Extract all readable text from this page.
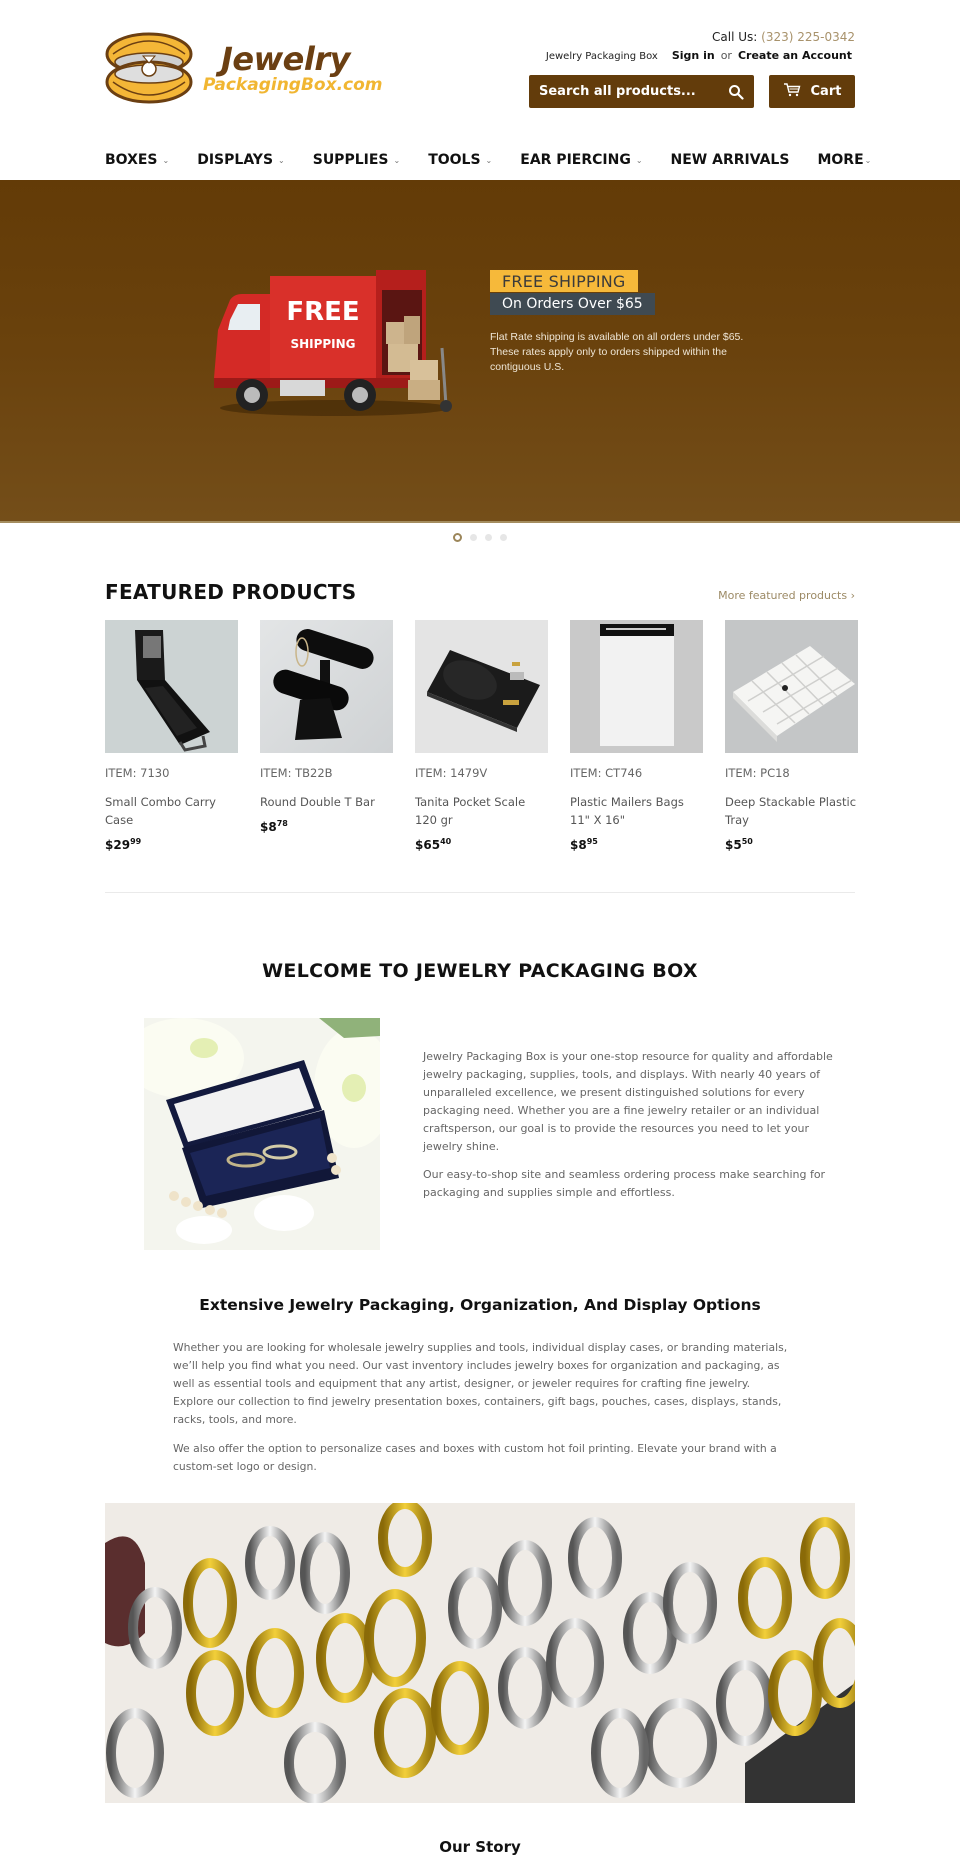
Jewelry
PackagingBox.com
Call Us: (323) 225-0342
Jewelry Packaging Box Sign in or Create an Account
Search all products...
Cart
BOXES ⌄ DISPLAYS ⌄ SUPPLIES ⌄ TOOLS ⌄ EAR PIERCING ⌄ NEW ARRIVALS MORE ⌄
FREE
SHIPPING
FREE SHIPPING
On Orders Over $65
Flat Rate shipping is available on all orders under $65. These rates apply only to orders shipped within the contiguous U.S.
FEATURED PRODUCTS	More featured products ›
ITEM: 7130
Small Combo Carry Case
$\$29^{99}$
ITEM: TB22B
Round Double T Bar
$\$8^{78}$
ITEM: 1479V
Tanita Pocket Scale 120 gr
$\$65^{40}$
ITEM: CT746
Plastic Mailers Bags 11" X 16"
$\$8^{95}$
ITEM: PC18
Deep Stackable Plastic Tray
$\$5^{50}$
WELCOME TO JEWELRY PACKAGING BOX

Jewelry Packaging Box is your one-stop resource for quality and affordable jewelry packaging, supplies, tools, and displays. With nearly 40 years of unparalleled excellence, we present distinguished solutions for every packaging need. Whether you are a fine jewelry retailer or an individual craftsperson, our goal is to provide the resources you need to let your jewelry shine.

Our easy-to-shop site and seamless ordering process make searching for packaging and supplies simple and effortless.

Extensive Jewelry Packaging, Organization, And Display Options

Whether you are looking for wholesale jewelry supplies and tools, individual display cases, or branding materials, we’ll help you find what you need. Our vast inventory includes jewelry boxes for organization and packaging, as well as essential tools and equipment that any artist, designer, or jeweler requires for crafting fine jewelry. Explore our collection to find jewelry presentation boxes, containers, gift bags, pouches, cases, displays, stands, racks, tools, and more.

We also offer the option to personalize cases and boxes with custom hot foil printing. Elevate your brand with a custom-set logo or design.

Our Story
